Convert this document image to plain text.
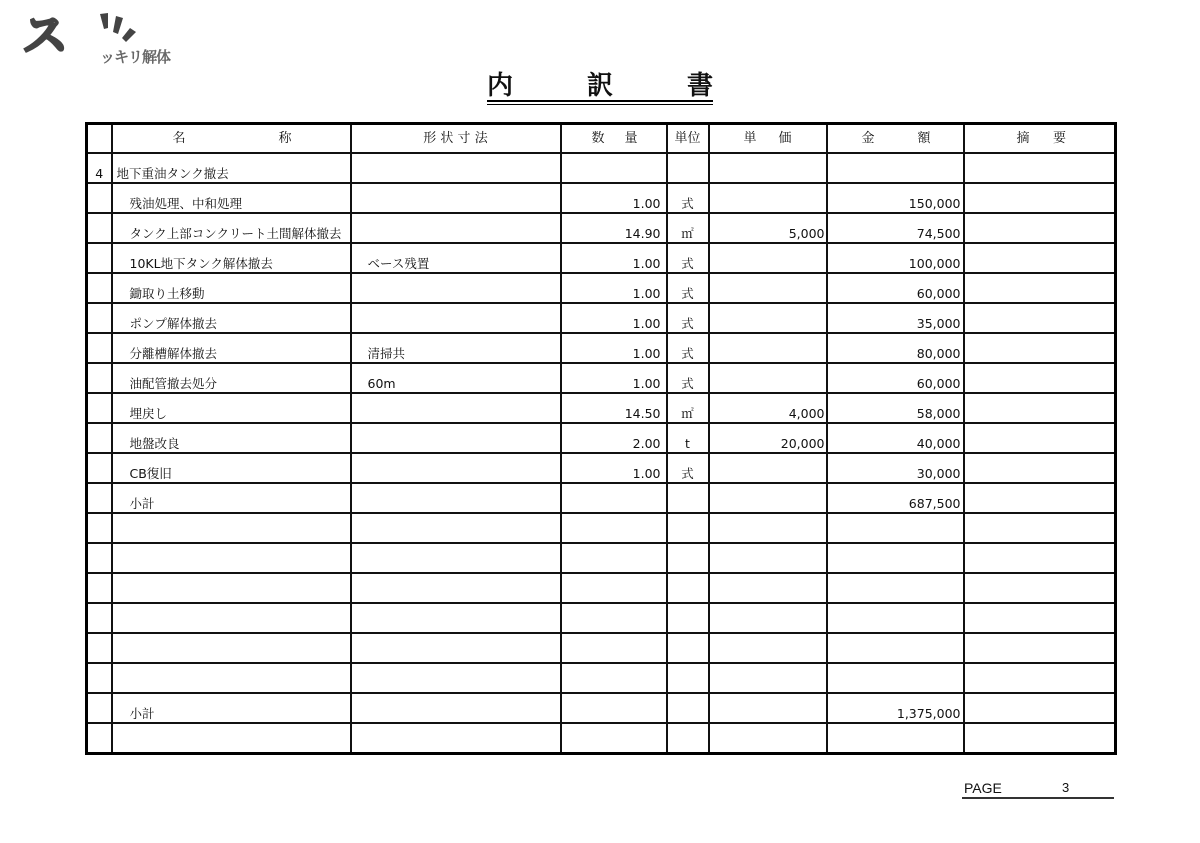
ス ッキリ解体
内	訳	書

	名 称	形 状 寸 法	数 量	単位	単 価	金 額	摘 要

4	地下重油タンク撤去						
	残油処理、中和処理		1.00	式		150,000	
	タンク上部コンクリート土間解体撤去		14.90	㎡	5,000	74,500	
	10KL地下タンク解体撤去	ベース残置	1.00	式		100,000	
	鋤取り土移動		1.00	式		60,000	
	ポンプ解体撤去		1.00	式		35,000	
	分離槽解体撤去	清掃共	1.00	式		80,000	
	油配管撤去処分	60m	1.00	式		60,000	
	埋戻し		14.50	㎡	4,000	58,000	
	地盤改良		2.00	t	20,000	40,000	
	CB復旧		1.00	式		30,000	
	小計					687,500	

	小計					1,375,000	

PAGE	3
